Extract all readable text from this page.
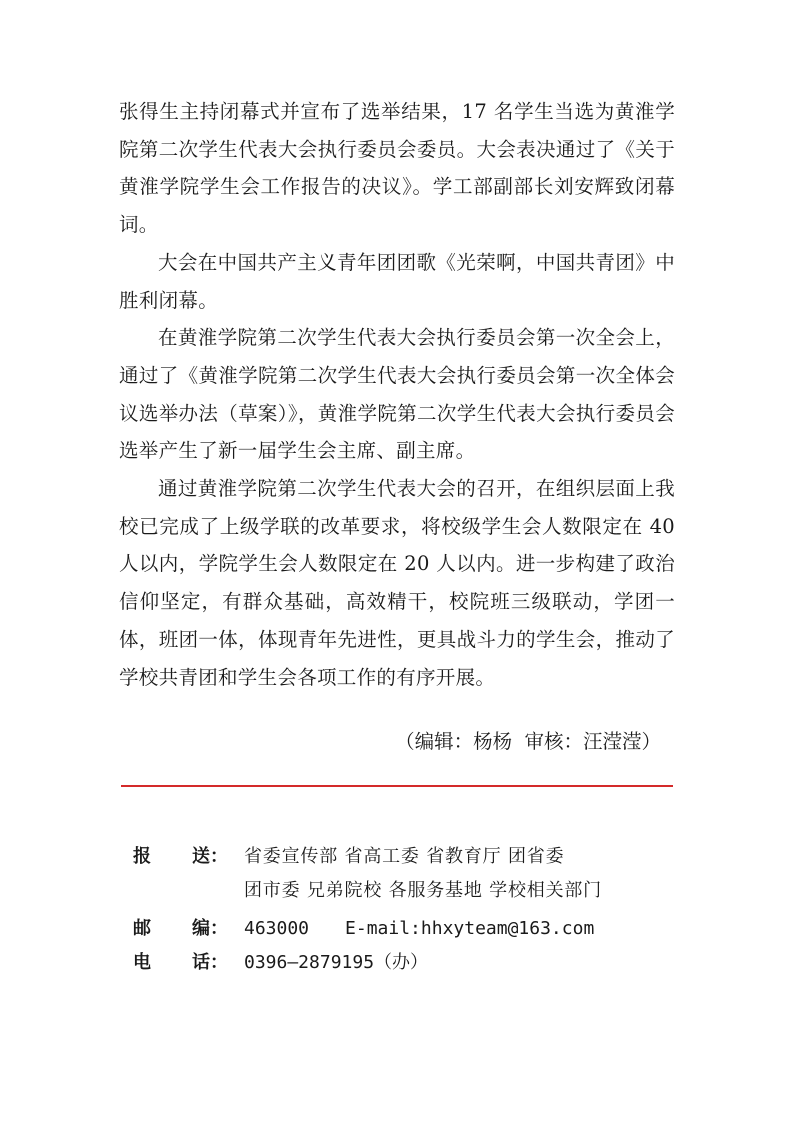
张得生主持闭幕式并宣布了选举结果，17 名学生当选为黄淮学院第二次学生代表大会执行委员会委员。大会表决通过了《关于黄淮学院学生会工作报告的决议》。学工部副部长刘安辉致闭幕词。

大会在中国共产主义青年团团歌《光荣啊，中国共青团》中胜利闭幕。

在黄淮学院第二次学生代表大会执行委员会第一次全会上，通过了《黄淮学院第二次学生代表大会执行委员会第一次全体会议选举办法（草案）》，黄淮学院第二次学生代表大会执行委员会选举产生了新一届学生会主席、副主席。

通过黄淮学院第二次学生代表大会的召开，在组织层面上我校已完成了上级学联的改革要求，将校级学生会人数限定在 40 人以内，学院学生会人数限定在 20 人以内。进一步构建了政治信仰坚定，有群众基础，高效精干，校院班三级联动，学团一体，班团一体，体现青年先进性，更具战斗力的学生会，推动了学校共青团和学生会各项工作的有序开展。

（编辑：杨杨  审核：汪滢滢）
报 送： 省委宣传部 省高工委 省教育厅 团省委
团市委 兄弟院校 各服务基地 学校相关部门
邮 编： 463000 E-mail:hhxyteam@163.com
电 话： 0396—2879195（办）
